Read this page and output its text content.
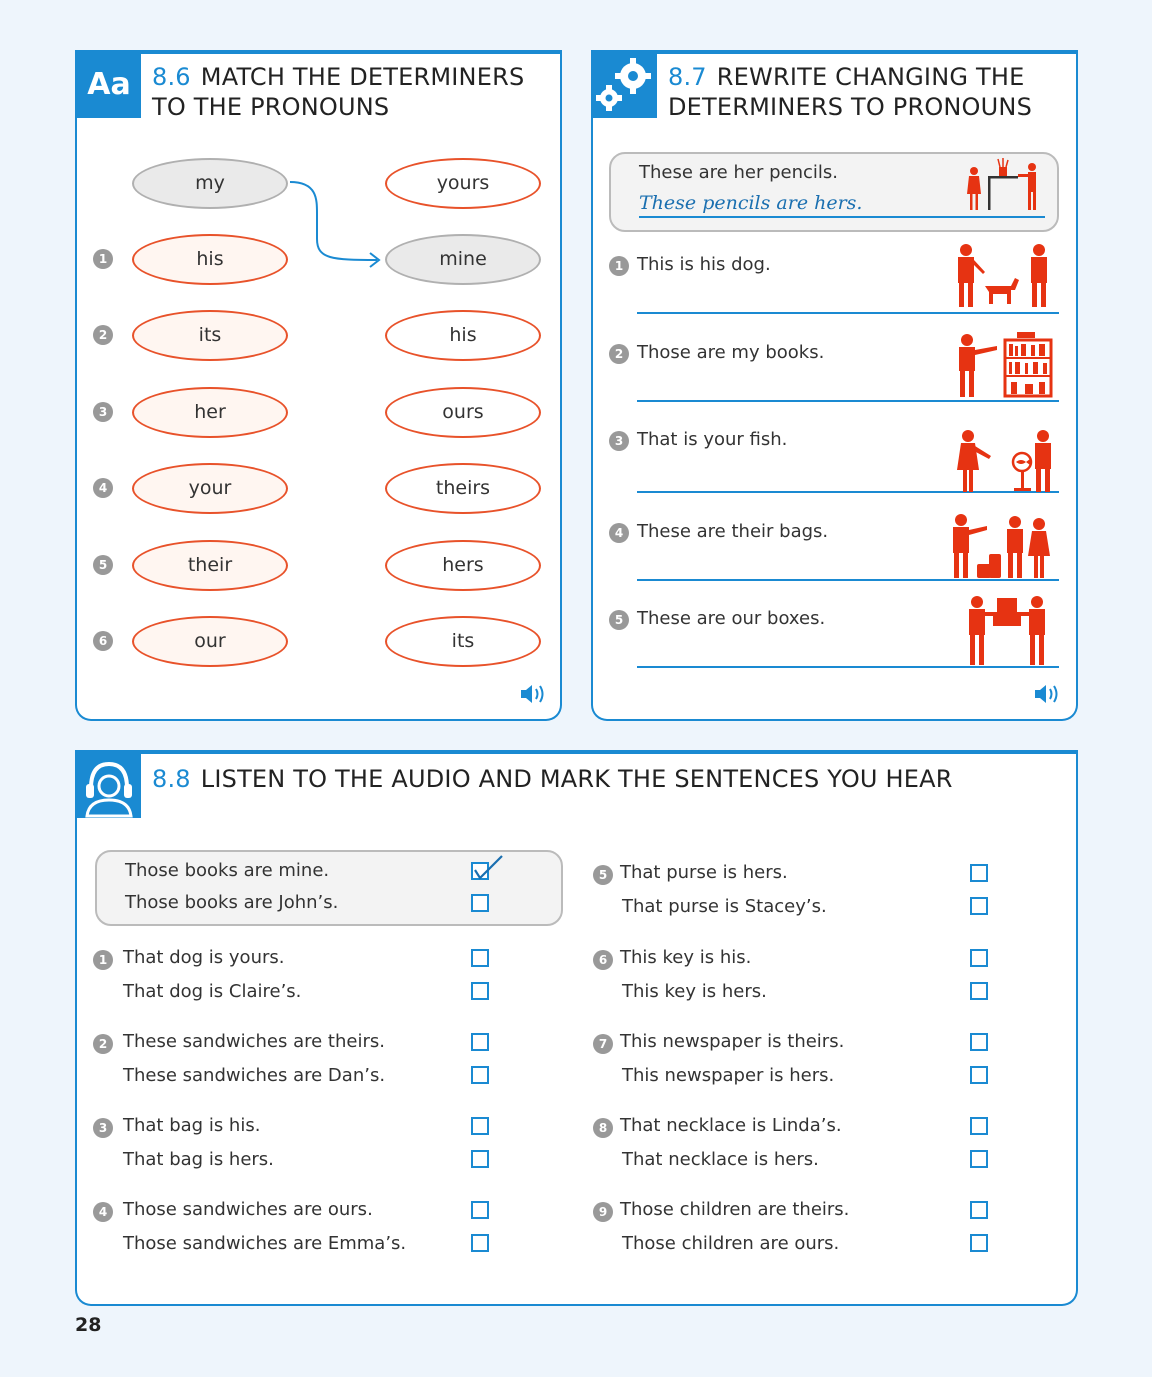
Aa 8.6 MATCH THE DETERMINERS
TO THE PRONOUNS
my
his
its
her
your
their
our
yours
mine
his
ours
theirs
hers
its
1
2
3
4
5
6
8.7 REWRITE CHANGING THE
DETERMINERS TO PRONOUNS
These are her pencils.
These pencils are hers.
1 This is his dog.
2 Those are my books.
3 That is your fish.
4 These are their bags.
5 These are our boxes.
8.8 LISTEN TO THE AUDIO AND MARK THE SENTENCES YOU HEAR
Those books are mine.
Those books are John’s.
1 That dog is yours.
That dog is Claire’s.
2 These sandwiches are theirs.
These sandwiches are Dan’s.
3 That bag is his.
That bag is hers.
4 Those sandwiches are ours.
Those sandwiches are Emma’s.
5 That purse is hers.
That purse is Stacey’s.
6 This key is his.
This key is hers.
7 This newspaper is theirs.
This newspaper is hers.
8 That necklace is Linda’s.
That necklace is hers.
9 Those children are theirs.
Those children are ours.
28
